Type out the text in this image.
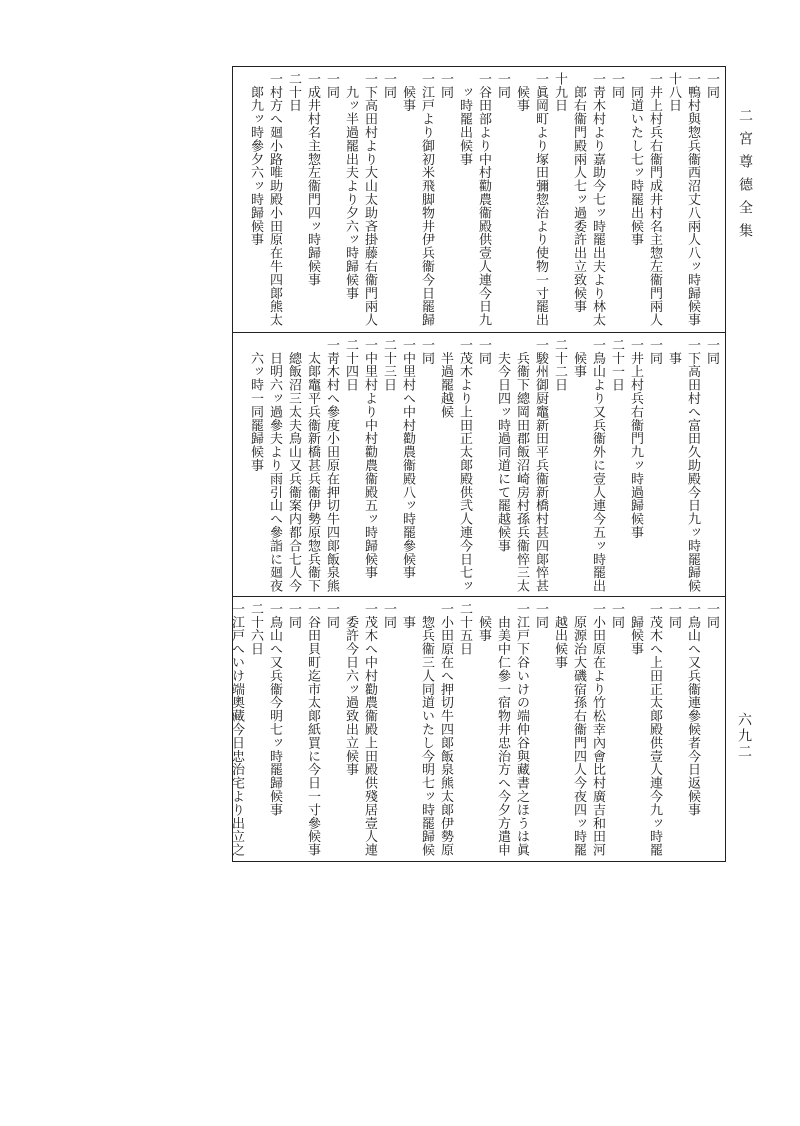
二宮尊德全集
六九二
一同
一鴨村與惣兵衞西沼丈八兩人八ッ時歸候事
十八日
一井上村兵右衞門成井村名主惣左衞門兩人
　同道いたし七ッ時罷出候事
一同
一靑木村より嘉助今七ッ時罷出夫より林太
　郎右衞門殿兩人七ッ過委許出立致候事
十九日
一眞岡町より塚田彌惣治より使物一寸罷出
　候事
一同
一谷田部より中村勸農衞殿供壹人連今日九
　ッ時罷出候事
一同
一江戸より御初米飛脚物井伊兵衞今日罷歸
　候事
一同
一下高田村より大山太助吝掛藤右衞門兩人
　九ッ半過罷出夫より夕六ッ時歸候事
一同
一成井村名主惣左衞門四ッ時歸候事
二十日
一村方へ廻小路唯助殿小田原在牛四郞熊太
　郞九ッ時參夕六ッ時歸候事
一同
一下高田村へ富田久助殿今日九ッ時罷歸候
　事
一同
一井上村兵右衞門九ッ時過歸候事
二十一日
一鳥山より又兵衞外に壹人連今五ッ時罷出
　候事
二十二日
一駿州御厨竈新田平兵衞新橋村甚四郞悴甚
　兵衞下總岡田郡飯沼崎房村孫兵衞悴三太
　夫今日四ッ時過同道にて罷越候事
一同
一茂木より上田正太郞殿供弐人連今日七ッ
　半過罷越候
一同
一中里村へ中村勸農衞殿八ッ時罷參候事
二十三日
一中里村より中村勸農衞殿五ッ時歸候事
二十四日
一靑木村へ參度小田原在押切牛四郞飯泉熊
　太郞竈平兵衞新橋甚兵衞伊勢原惣兵衞下
　總飯沼三太夫鳥山又兵衞案内都合七人今
　日明六ッ過參夫より雨引山へ參詣に廻夜
　六ッ時一同罷歸候事
一同
一鳥山へ又兵衞連參候者今日返候事
一同
一茂木へ上田正太郞殿供壹人連今九ッ時罷
　歸候事
一同
一小田原在より竹松幸內會比村廣吉和田河
　原源治大磯宿孫右衞門四人今夜四ッ時罷
　越出候事
一同
一江戸下谷いけの端仲谷與藏書之ほうは眞
　由美中仁參一宿物井忠治方へ今夕方遣申
　候事
二十五日
一小田原在へ押切牛四郞飯泉熊太郞伊勢原
　惣兵衞三人同道いたし今明七ッ時罷歸候
　事
一同
一茂木へ中村勸農衞殿上田殿供殘居壹人連
　委許今日六ッ過致出立候事
一同
一谷田貝町迄市太郞紙買に今日一寸參候事
一同
一鳥山へ又兵衞今明七ッ時罷歸候事
二十六日
一江戸へいけ端奧藏今日忠治宅より出立之
